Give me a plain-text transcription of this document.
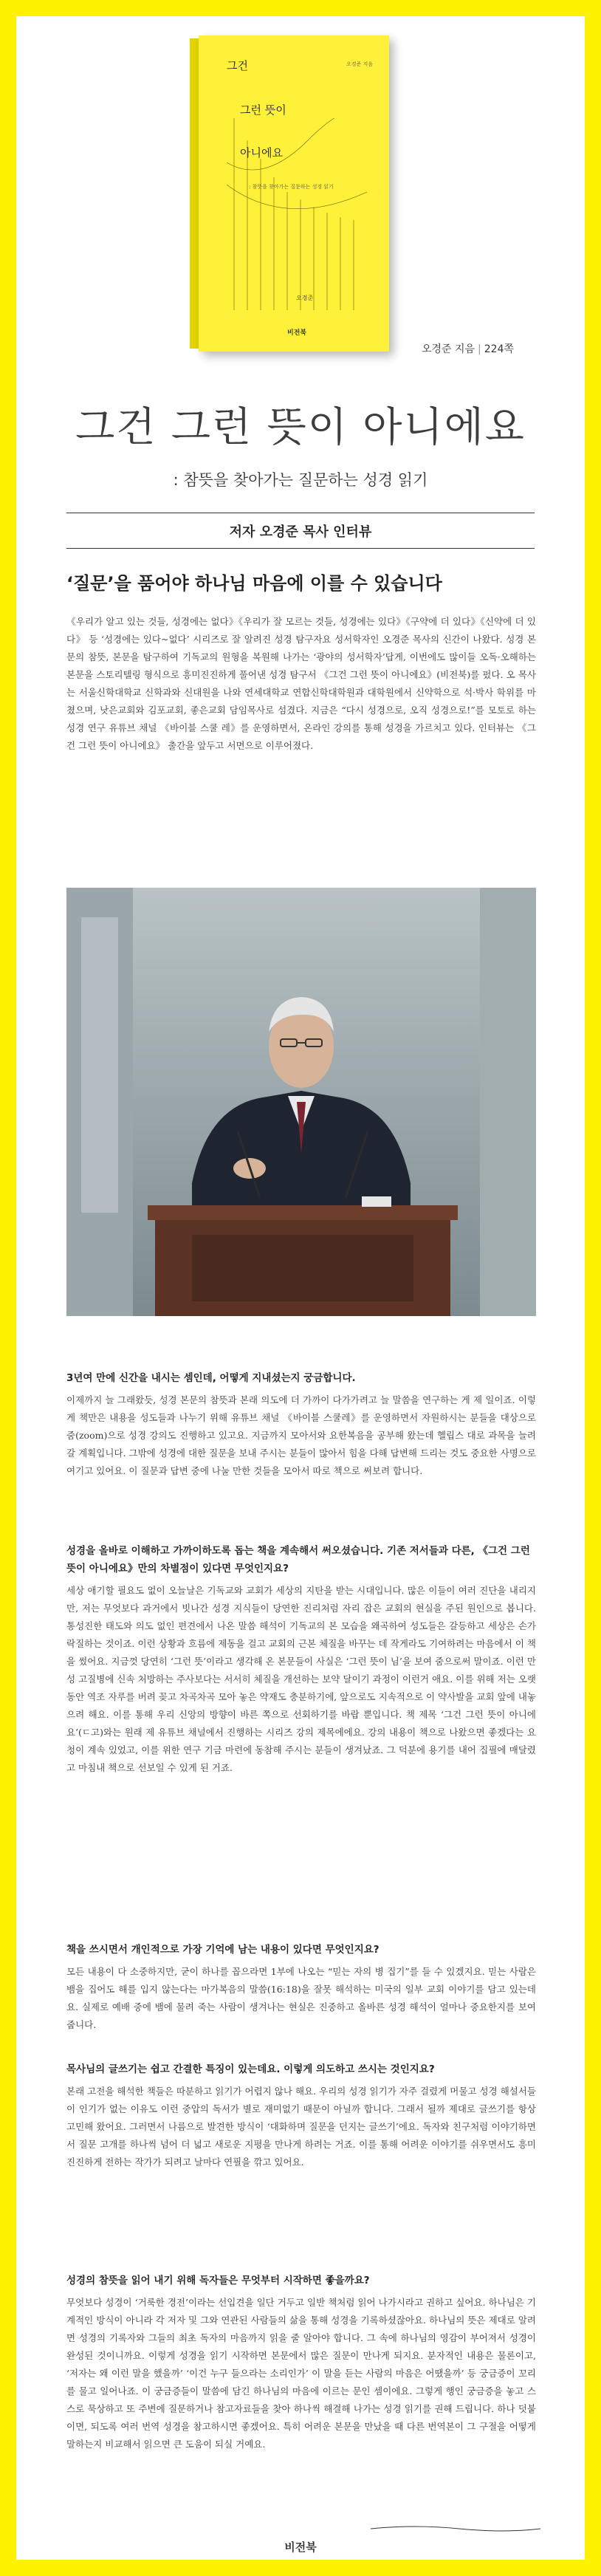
그건	오경준 지음
그런 뜻이
아니에요
: 참뜻을 찾아가는 질문하는 성경 읽기
오경준
비전북
오경준 지음 | 224쪽
그건 그런 뜻이 아니에요
: 참뜻을 찾아가는 질문하는 성경 읽기
저자 오경준 목사 인터뷰
‘질문’을 품어야 하나님 마음에 이를 수 있습니다

《우리가 알고 있는 것들, 성경에는 없다》《우리가 잘 모르는 것들, 성경에는 있다》《구약에 더 있다》《신약에 더 있다》 등 ‘성경에는 있다~없다’ 시리즈로 잘 알려진 성경 탐구자요 성서학자인 오경준 목사의 신간이 나왔다. 성경 본문의 참뜻, 본문을 탐구하여 기독교의 원형을 복원해 나가는 ‘광야의 성서학자’답게, 이번에도 많이들 오독·오해하는 본문을 스토리텔링 형식으로 흥미진진하게 풀어낸 성경 탐구서 《그건 그런 뜻이 아니에요》(비전북)를 펐다. 오 목사는 서울신학대학교 신학과와 신대원을 나와 연세대학교 연합신학대학원과 대학원에서 신약학으로 석·박사 학위를 마쳤으며, 낫은교회와 김포교회, 좋은교회 담임목사로 섬겼다. 지금은 “다시 성경으로, 오직 성경으로!”를 모토로 하는 성경 연구 유튜브 채널 《바이블 스쿨 레》를 운영하면서, 온라인 강의를 통해 성경을 가르치고 있다. 인터뷰는 《그건 그런 뜻이 아니에요》 출간을 앞두고 서면으로 이루어졌다.

3년여 만에 신간을 내시는 셈인데, 어떻게 지내셨는지 궁금합니다.

이제까지 늘 그래왔듯, 성경 본문의 참뜻과 본래 의도에 더 가까이 다가가려고 늘 말씀을 연구하는 게 제 일이죠. 이렇게 책만은 내용을 성도들과 나누기 위해 유튜브 채널 《바이블 스쿨레》를 운영하면서 자원하시는 분들을 대상으로 줌(zoom)으로 성경 강의도 진행하고 있고요. 지금까지 모아서와 요한복음을 공부해 왔는데 헬립스 대로 과목을 늘려 갈 계획입니다. 그밖에 성경에 대한 질문을 보내 주시는 분들이 많아서 힘을 다해 답변해 드리는 것도 중요한 사명으로 여기고 있어요. 이 질문과 답변 중에 나눌 만한 것들을 모아서 따로 책으로 써보려 합니다.

성경을 올바로 이해하고 가까이하도록 돕는 책을 계속해서 써오셨습니다. 기존 저서들과 다른, 《그건 그런 뜻이 아니에요》만의 차별점이 있다면 무엇인지요?

세상 애기할 필요도 없이 오늘날은 기독교와 교회가 세상의 지탄을 받는 시대입니다. 많은 이들이 여러 진단을 내리지만, 저는 무엇보다 과거에서 빗나간 성경 지식들이 당연한 진리처럼 자리 잡은 교회의 현실을 주된 원인으로 봅니다. 통성진한 태도와 의도 없인 편견에서 나온 말씀 해석이 기독교의 본 모습을 왜곡하여 성도들은 갈등하고 세상은 손가락질하는 것이죠. 이런 상황과 흐름에 제동을 걸고 교회의 근본 체질을 바꾸는 데 작게라도 기여하려는 마음에서 이 책을 썼어요. 지금껏 당연히 ‘그런 뜻’이라고 생각해 온 본문들이 사실은 ‘그런 뜻이 님’을 보여 줌으로써 말이죠. 이런 만성 고질병에 신속 처방하는 주사보다는 서서히 체질을 개선하는 보약 달이기 과정이 이런거 애요. 이를 위해 저는 오랫동안 역조 자루를 버려 꽂고 차곡차곡 모아 놓은 약재도 충분하기에, 앞으로도 지속적으로 이 약사발을 교회 앞에 내놓으려 해요. 이를 통해 우리 신앙의 방향이 바른 쪽으로 선회하기를 바랍 뿐입니다. 책 제목 ‘그건 그런 뜻이 아니에요’(ㄷ고)와는 원래 제 유튜브 채널에서 진행하는 시리즈 강의 제목에에요. 강의 내용이 책으로 나왔으면 좋겠다는 요청이 계속 있었고, 이를 위한 연구 기금 마련에 동참해 주시는 분들이 생겨났죠. 그 덕분에 용기를 내어 집필에 매달렸고 마침내 책으로 선보일 수 있게 된 거죠.

책을 쓰시면서 개인적으로 가장 기억에 남는 내용이 있다면 무엇인지요?

모든 내용이 다 소중하지만, 굳이 하나를 꼽으라면 1부에 나오는 “믿는 자의 병 집기”를 들 수 있겠지요. 믿는 사람은 뱀을 집어도 해를 입지 않는다는 마가복음의 말씀(16:18)을 잘못 해석하는 미국의 일부 교회 이야기를 담고 있는데요. 실제로 예배 중에 뱀에 물려 죽는 사람이 생겨나는 현실은 진중하고 올바른 성경 해석이 얼마나 중요한지를 보여 줍니다.

목사님의 글쓰기는 쉽고 간결한 특징이 있는데요. 이렇게 의도하고 쓰시는 것인지요?

본래 고전을 해석한 책들은 따분하고 읽기가 어렵지 않나 해요. 우리의 성경 읽기가 자주 걸렸게 머물고 성경 해설서들이 인기가 없는 이유도 이런 중압의 독서가 별로 재미없기 때문이 아닐까 합니다. 그래서 될까 제대로 글쓰기를 항상 고민해 왔어요. 그러면서 나름으로 발견한 방식이 ‘대화하며 질문을 던지는 글쓰기’에요. 독자와 친구처럼 이야기하면서 질문 고개를 하나씩 넘어 더 넓고 새로운 지평을 만나게 하려는 거죠. 이를 통해 어려운 이야기를 쉬우면서도 흥미진진하게 전하는 작가가 되려고 날마다 연필을 깎고 있어요.

성경의 참뜻을 읽어 내기 위해 독자들은 무엇부터 시작하면 좋을까요?

무엇보다 성경이 ‘거룩한 경전’이라는 선입견을 일단 거두고 일반 책처럼 읽어 나가시라고 권하고 싶어요. 하나님은 기계적인 방식이 아니라 각 저자 및 그와 연관된 사람들의 삶을 통해 성경을 기록하셨잖아요. 하나님의 뜻은 제대로 알려면 성경의 기록자와 그들의 최초 독자의 마음까지 읽을 줄 알아야 합니다. 그 속에 하나님의 영감이 부어져서 성경이 완성된 것이니까요. 이렇게 성경을 읽기 시작하면 본문에서 많은 질문이 만나게 되지요. 분자적인 내용은 물론이고, ‘저자는 왜 이런 말을 했을까’ ‘이건 누구 들으라는 소리인가’ 이 말을 듣는 사람의 마음은 어땠을까’ 등 궁금증이 꼬리를 물고 일어나죠. 이 궁금증들이 말씀에 담긴 하나님의 마음에 이르는 문인 셈이에요. 그렇게 행인 궁금증을 놓고 스스로 묵상하고 또 주변에 질문하거나 참고자료들을 찾아 하나씩 해결해 나가는 성경 읽기를 권해 드립니다. 하나 덧붙이면, 되도록 여러 번역 성경을 참고하시면 좋겠어요. 특히 어려운 본문을 만났을 때 다른 번역본이 그 구절을 어떻게 말하는지 비교해서 읽으면 큰 도움이 되실 거예요.

비전북
